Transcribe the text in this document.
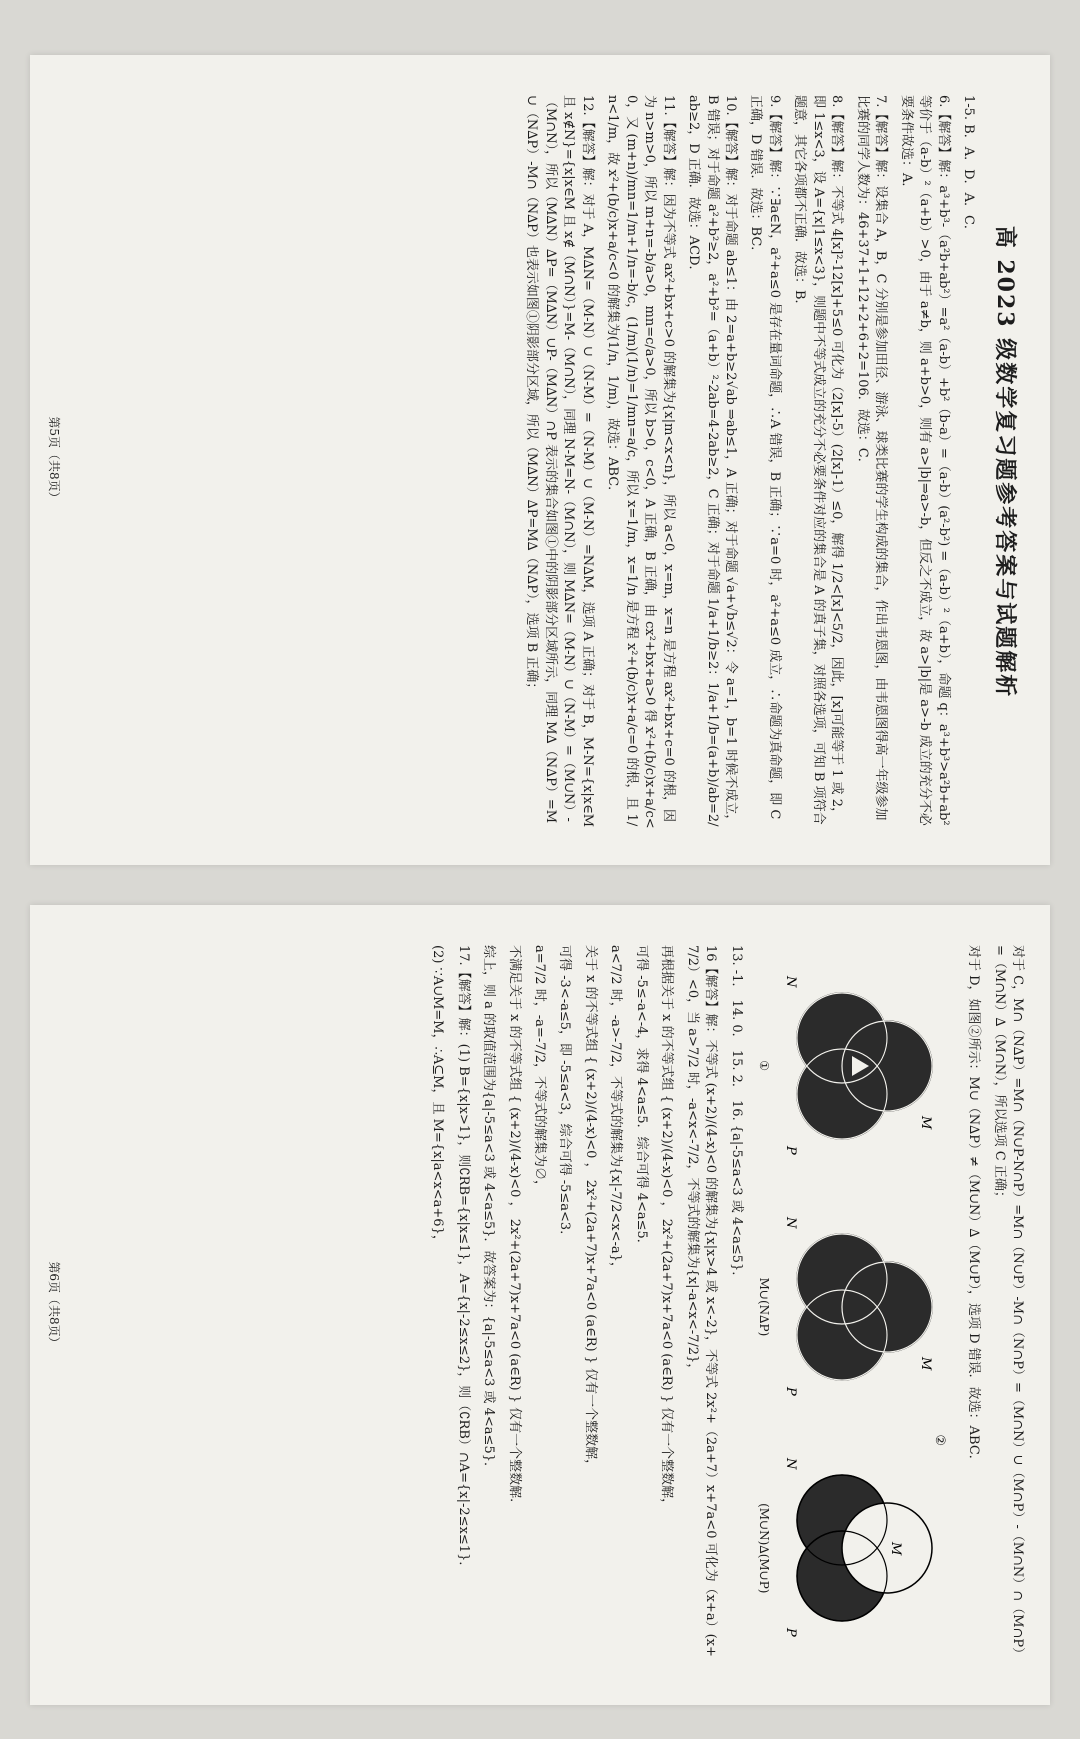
高 2023 级数学复习题参考答案与试题解析
1-5. B．A．D．A．C．
6.【解答】解：a³+b³-（a²b+ab²）=a²（a-b）+b²（b-a）=（a-b）(a²-b²) =（a-b）²（a+b），命题 q：a³+b³>a²b+ab² 等价于（a-b）²（a+b）>0，由于 a≠b，则 a+b>0，则有 a>|b|⇒a>-b，但反之不成立，故 a>|b|是 a>-b 成立的充分不必要条件故选：A．
7.【解答】解：设集合 A，B，C 分别是参加田径、游泳、球类比赛的学生构成的集合，作出韦恩图，由韦恩图得高一年级参加比赛的同学人数为：46+37+1+12+2+6+2=106．故选：C．
8.【解答】解：不等式 4[x]²-12[x]+5≤0 可化为（2[x]-5）(2[x]-1）≤0，解得 1/2<[x]<5/2，因此，[x]可能等于 1 或 2，即 1≤x<3，设 A={x|1≤x<3}，则题中不等式成立的充分不必要条件对应的集合是 A 的真子集，对照各选项，可知 B 项符合题意，其它各项都不正确．故选：B．
9.【解答】解：∵∃a∈N，a²+a≤0 是存在量词命题，∴A 错误，B 正确；∵a=0 时，a²+a≤0 成立，∴命题为真命题，即 C 正确，D 错误．故选：BC．
10.【解答】解：对于命题 ab≤1：由 2=a+b≥2√ab ⇒ab≤1，A 正确；对于命题 √a+√b≤√2：令 a=1，b=1 时候不成立，B 错误；对于命题 a²+b²≥2，a²+b²=（a+b）²-2ab=4-2ab≥2，C 正确；对于命题 1/a+1/b≥2：1/a+1/b=(a+b)/ab=2/ab≥2，D 正确．故选：ACD．
11.【解答】解：因为不等式 ax²+bx+c>0 的解集为{x|m<x<n}，所以 a<0，x=m，x=n 是方程 ax²+bx+c=0 的根，因为 n>m>0，所以 m+n=-b/a>0，mn=c/a>0，所以 b>0，c<0，A 正确，B 正确，由 cx²+bx+a>0 得 x²+(b/c)x+a/c<0，又 (m+n)/mn=1/m+1/n=-b/c，(1/m)(1/n)=1/mn=a/c，所以 x=1/m，x=1/n 是方程 x²+(b/c)x+a/c=0 的根，且 1/n<1/m，故 x²+(b/c)x+a/c<0 的解集为(1/n，1/m)，故选：ABC．
12.【解答】解：对于 A，M∆N=（M-N）∪（N-M）=（N-M）∪（M-N）=N∆M，选项 A 正确；对于 B，M-N={x|x∈M 且 x∉N}={x|x∈M 且 x∉（M∩N）}=M-（M∩N），同理 N-M=N-（M∩N），则 M∆N=（M-N）∪（N-M）=（M∪N）-（M∩N），所以（M∆N）∆P=（M∆N）∪P-（M∆N）∩P 表示的集合如图①中的阴影部分区域所示，同理 M∆（N∆P）=M∪（N∆P）-M∩（N∆P）也表示如图①阴影部分区域，所以（M∆N）∆P=M∆（N∆P），选项 B 正确；
第5页（共8页）
对于 C，M∩（N∆P）=M∩（N∪P-N∩P）=M∩（N∪P）-M∩（N∩P）=（M∩N）∪（M∩P）-（M∩N）∩（M∩P）=（M∩N）∆（M∩N），所以选项 C 正确；
对于 D，如图②所示：M∪（N∆P）≠（M∪N）∆（M∪P），选项 D 错误．故选：ABC．
M
N
P
①
M
N
P
M∪(N∆P)
M
N
P
(M∪N)∆(M∪P)
②
13. -1． 14. 0． 15. 2． 16. {a|-5≤a<3 或 4<a≤5}．
16【解答】解：不等式 (x+2)/(4-x)<0 的解集为{x|x>4 或 x<-2}，不等式 2x²+（2a+7）x+7a<0 可化为（x+a）(x+7/2）<0，当 a>7/2 时，-a<x<-7/2，不等式的解集为{x|-a<x<-7/2}，
再根据关于 x 的不等式组 { (x+2)/(4-x)<0 ， 2x²+(2a+7)x+7a<0 (a∈R) } 仅有一个整数解，
可得 -5≤-a<-4，求得 4<a≤5．综合可得 4<a≤5．
a<7/2 时，-a>-7/2，不等式的解集为{x|-7/2<x<-a}，
关于 x 的不等式组 { (x+2)/(4-x)<0 ， 2x²+(2a+7)x+7a<0 (a∈R) } 仅有一个整数解，
可得 -3<-a≤5，即 -5≤a<3，综合可得 -5≤a<3．
a=7/2 时，-a=-7/2，不等式的解集为∅，
不满足关于 x 的不等式组 { (x+2)/(4-x)<0 ， 2x²+(2a+7)x+7a<0 (a∈R) } 仅有一个整数解．
综上，则 a 的取值范围为{a|-5≤a<3 或 4<a≤5}．故答案为：{a|-5≤a<3 或 4<a≤5}．
17.【解答】解：(1) B={x|x>1}，则∁RB={x|x≤1}，A={x|-2≤x≤2}，则（∁RB）∩A={x|-2≤x≤1}．
(2) ∵A∪M=M，∴A⊆M，且 M={x|a<x<a+6}，
第6页（共8页）
